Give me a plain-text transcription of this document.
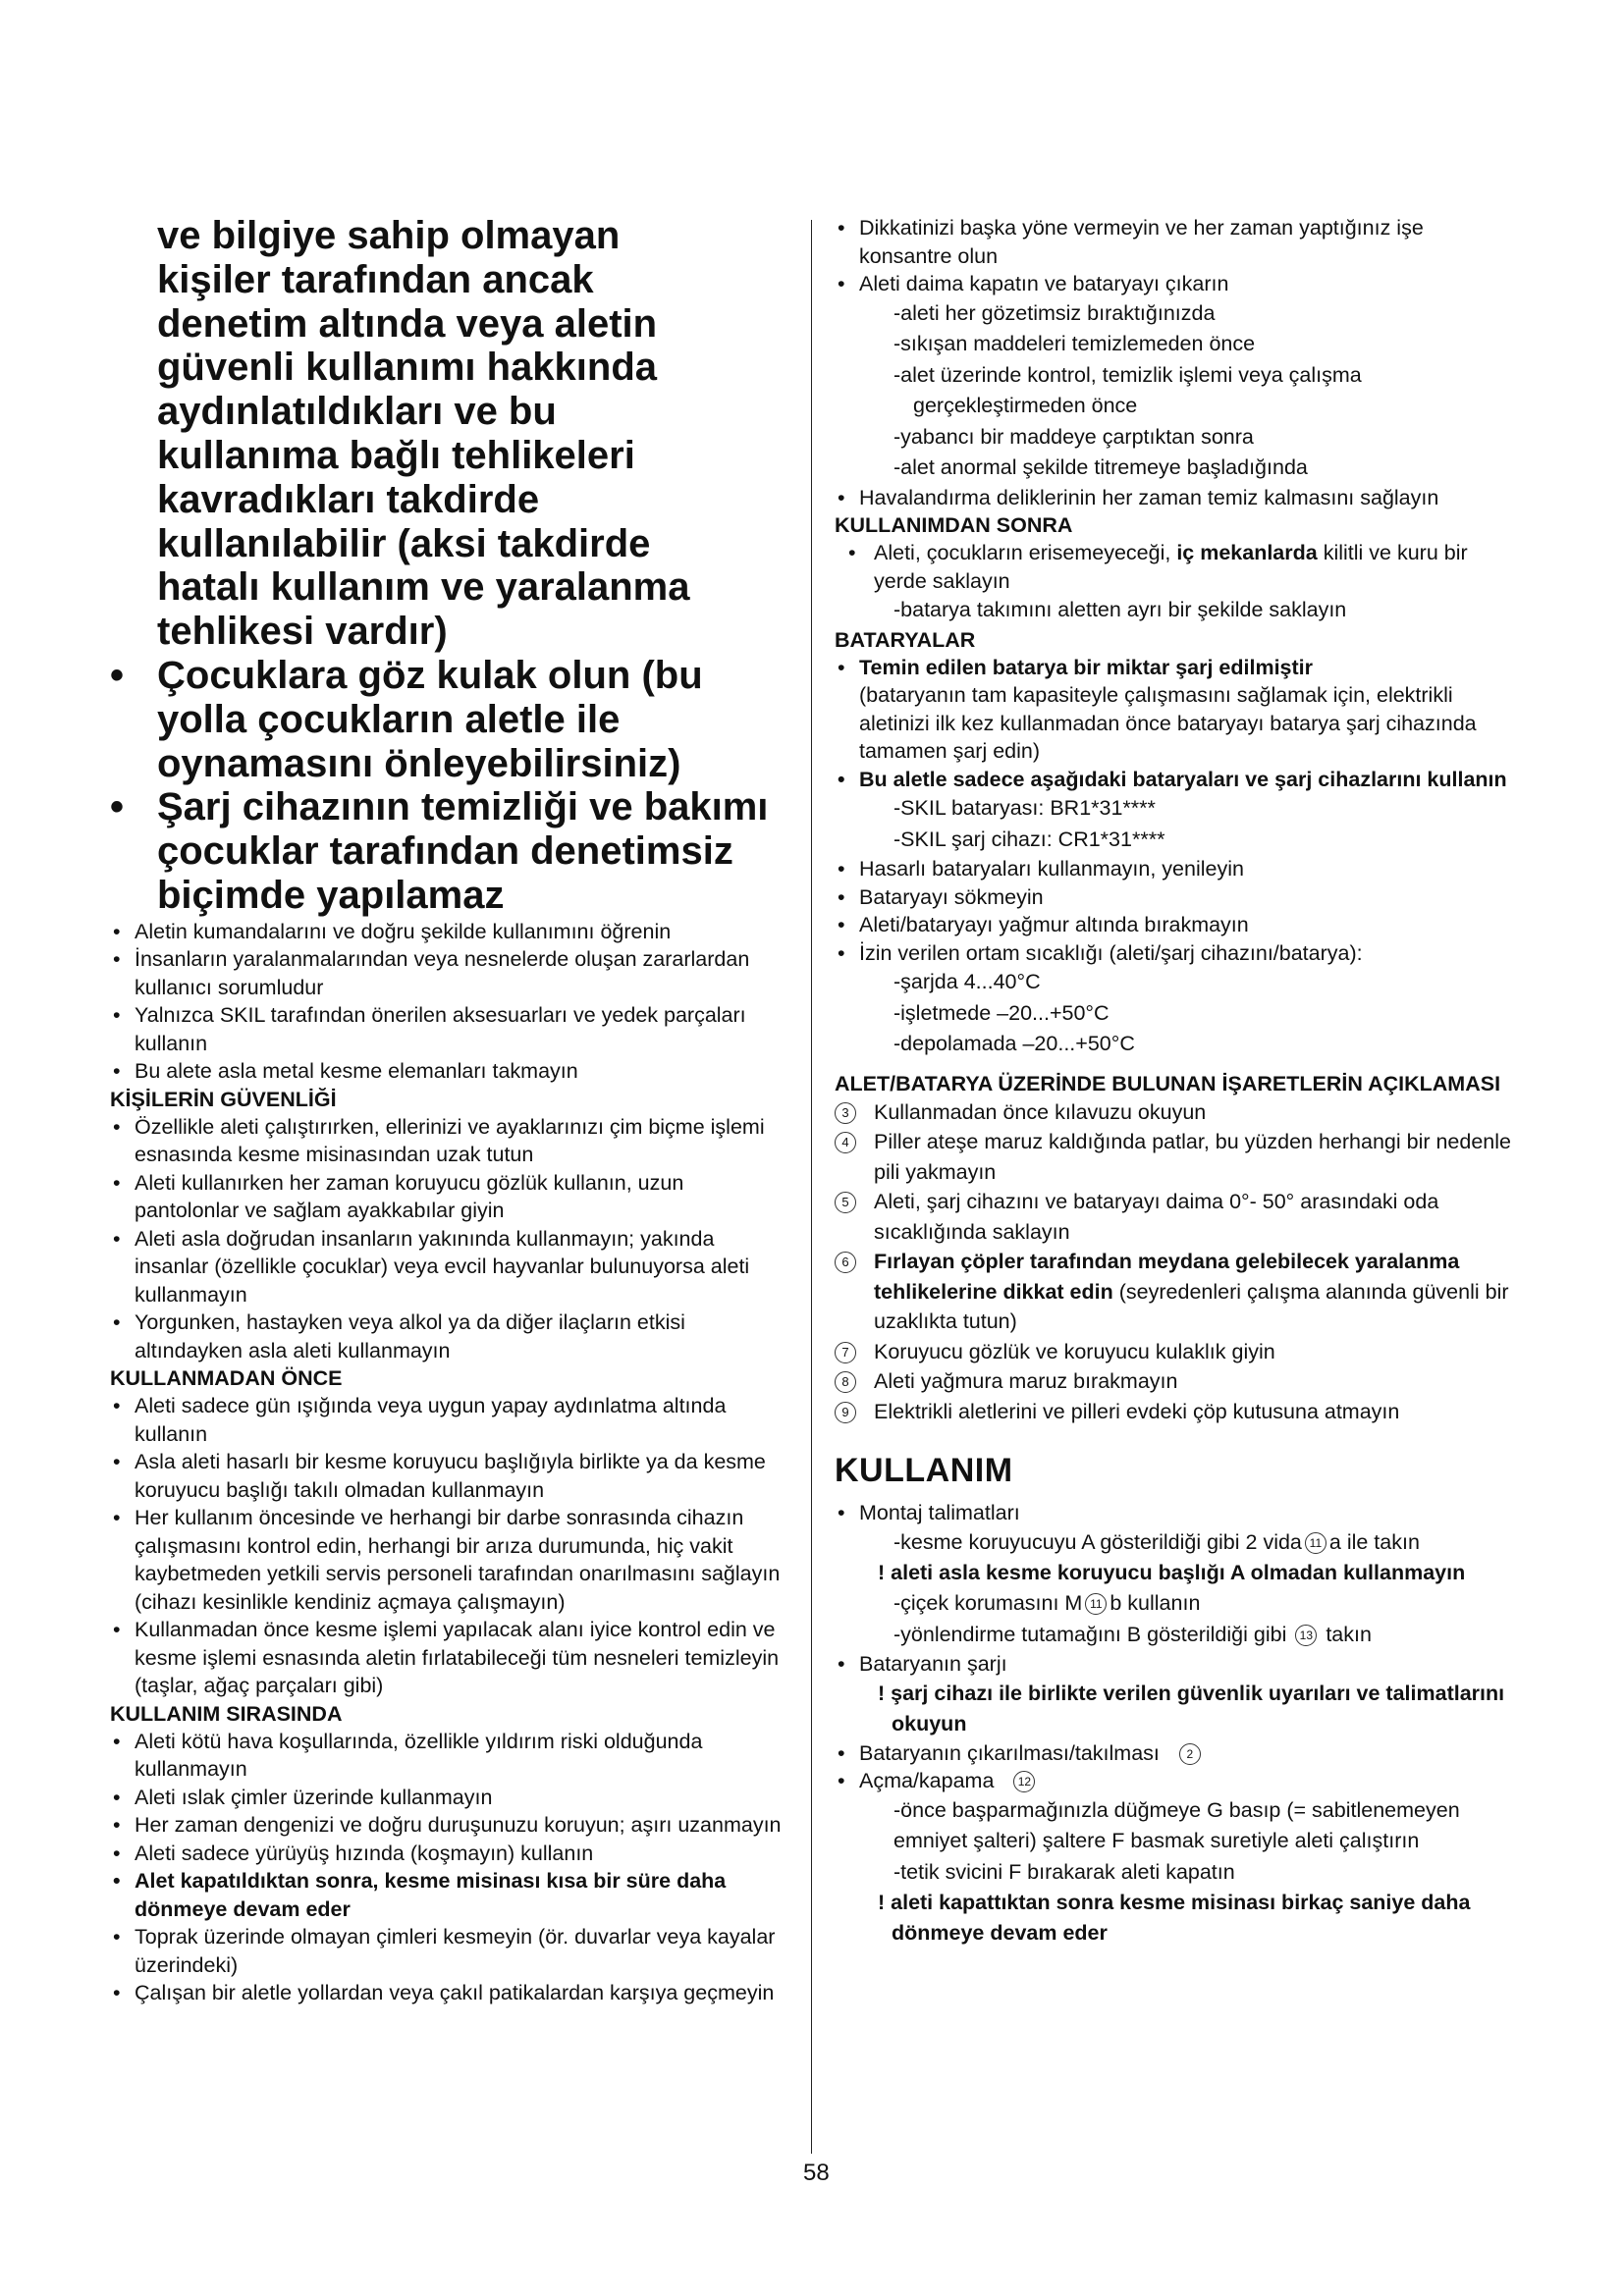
ve bilgiye sahip olmayan
kişiler tarafından ancak
denetim altında veya aletin
güvenli kullanımı hakkında
aydınlatıldıkları ve bu
kullanıma bağlı tehlikeleri
kavradıkları takdirde
kullanılabilir (aksi takdirde
hatalı kullanım ve yaralanma
tehlikesi vardır)
• Çocuklara göz kulak olun (bu yolla çocukların aletle ile oynamasını önleyebilirsiniz)
• Şarj cihazının temizliği ve bakımı çocuklar tarafından denetimsiz biçimde yapılamaz
• Aletin kumandalarını ve doğru şekilde kullanımını öğrenin
• İnsanların yaralanmalarından veya nesnelerde oluşan zararlardan kullanıcı sorumludur
• Yalnızca SKIL tarafından önerilen aksesuarları ve yedek parçaları kullanın
• Bu alete asla metal kesme elemanları takmayın
KİŞİLERİN GÜVENLİĞİ
• Özellikle aleti çalıştırırken, ellerinizi ve ayaklarınızı çim biçme işlemi esnasında kesme misinasından uzak tutun
• Aleti kullanırken her zaman koruyucu gözlük kullanın, uzun pantolonlar ve sağlam ayakkabılar giyin
• Aleti asla doğrudan insanların yakınında kullanmayın; yakında insanlar (özellikle çocuklar) veya evcil hayvanlar bulunuyorsa aleti kullanmayın
• Yorgunken, hastayken veya alkol ya da diğer ilaçların etkisi altındayken asla aleti kullanmayın
KULLANMADAN ÖNCE
• Aleti sadece gün ışığında veya uygun yapay aydınlatma altında kullanın
• Asla aleti hasarlı bir kesme koruyucu başlığıyla birlikte ya da kesme koruyucu başlığı takılı olmadan kullanmayın
• Her kullanım öncesinde ve herhangi bir darbe sonrasında cihazın çalışmasını kontrol edin, herhangi bir arıza durumunda, hiç vakit kaybetmeden yetkili servis personeli tarafından onarılmasını sağlayın (cihazı kesinlikle kendiniz açmaya çalışmayın)
• Kullanmadan önce kesme işlemi yapılacak alanı iyice kontrol edin ve kesme işlemi esnasında aletin fırlatabileceği tüm nesneleri temizleyin (taşlar, ağaç parçaları gibi)
KULLANIM SIRASINDA
• Aleti kötü hava koşullarında, özellikle yıldırım riski olduğunda kullanmayın
• Aleti ıslak çimler üzerinde kullanmayın
• Her zaman dengenizi ve doğru duruşunuzu koruyun; aşırı uzanmayın
• Aleti sadece yürüyüş hızında (koşmayın) kullanın
• Alet kapatıldıktan sonra, kesme misinası kısa bir süre daha dönmeye devam eder
• Toprak üzerinde olmayan çimleri kesmeyin (ör. duvarlar veya kayalar üzerindeki)
• Çalışan bir aletle yollardan veya çakıl patikalardan karşıya geçmeyin
• Dikkatinizi başka yöne vermeyin ve her zaman yaptığınız işe konsantre olun
• Aleti daima kapatın ve bataryayı çıkarın
-aleti her gözetimsiz bıraktığınızda
-sıkışan maddeleri temizlemeden önce
-alet üzerinde kontrol, temizlik işlemi veya çalışma
gerçekleştirmeden önce
-yabancı bir maddeye çarptıktan sonra
-alet anormal şekilde titremeye başladığında
• Havalandırma deliklerinin her zaman temiz kalmasını sağlayın
KULLANIMDAN SONRA
• Aleti, çocukların erisemeyeceği, iç mekanlarda kilitli ve kuru bir yerde saklayın
-batarya takımını aletten ayrı bir şekilde saklayın
BATARYALAR
• Temin edilen batarya bir miktar şarj edilmiştir
(bataryanın tam kapasiteyle çalışmasını sağlamak için, elektrikli aletinizi ilk kez kullanmadan önce bataryayı batarya şarj cihazında tamamen şarj edin)
• Bu aletle sadece aşağıdaki bataryaları ve şarj cihazlarını kullanın
-SKIL bataryası: BR1*31****
-SKIL şarj cihazı: CR1*31****
• Hasarlı bataryaları kullanmayın, yenileyin
• Bataryayı sökmeyin
• Aleti/bataryayı yağmur altında bırakmayın
• İzin verilen ortam sıcaklığı (aleti/şarj cihazını/batarya):
-şarjda 4...40°C
-işletmede –20...+50°C
-depolamada –20...+50°C
ALET/BATARYA ÜZERİNDE BULUNAN İŞARETLERİN AÇIKLAMASI
3	Kullanmadan önce kılavuzu okuyun
4	Piller ateşe maruz kaldığında patlar, bu yüzden herhangi bir nedenle pili yakmayın
5	Aleti, şarj cihazını ve bataryayı daima 0°- 50° arasındaki oda sıcaklığında saklayın
6	Fırlayan çöpler tarafından meydana gelebilecek yaralanma tehlikelerine dikkat edin (seyredenleri çalışma alanında güvenli bir uzaklıkta tutun)
7	Koruyucu gözlük ve koruyucu kulaklık giyin
8	Aleti yağmura maruz bırakmayın
9	Elektrikli aletlerini ve pilleri evdeki çöp kutusuna atmayın
KULLANIM
• Montaj talimatları
-kesme koruyucuyu A gösterildiği gibi 2 vida 11 a ile takın
! aleti asla kesme koruyucu başlığı A olmadan kullanmayın
-çiçek korumasını M 11 b kullanın
-yönlendirme tutamağını B gösterildiği gibi 13 takın
• Bataryanın şarjı
! şarj cihazı ile birlikte verilen güvenlik uyarıları ve talimatlarını okuyun
• Bataryanın çıkarılması/takılması 2
• Açma/kapama 12
-önce başparmağınızla düğmeye G basıp (= sabitlenemeyen emniyet şalteri) şaltere F basmak suretiyle aleti çalıştırın
-tetik svicini F bırakarak aleti kapatın
! aleti kapattıktan sonra kesme misinası birkaç saniye daha dönmeye devam eder
58
